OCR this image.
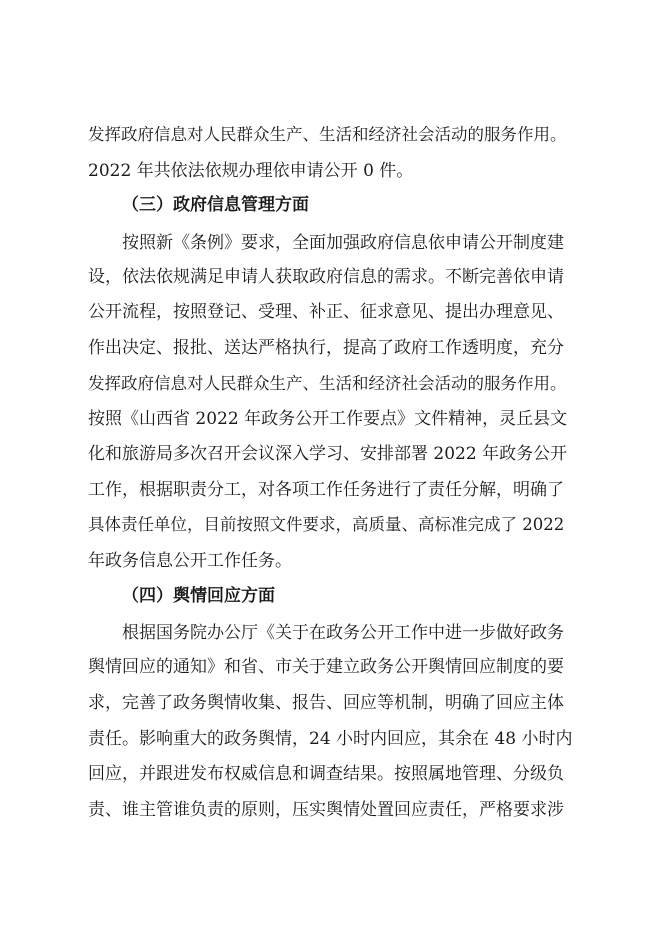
发挥政府信息对人民群众生产、生活和经济社会活动的服务作用。
2022 年共依法依规办理依申请公开 0 件。
（三）政府信息管理方面
按照新《条例》要求，全面加强政府信息依申请公开制度建
设，依法依规满足申请人获取政府信息的需求。不断完善依申请
公开流程，按照登记、受理、补正、征求意见、提出办理意见、
作出决定、报批、送达严格执行，提高了政府工作透明度，充分
发挥政府信息对人民群众生产、生活和经济社会活动的服务作用。
按照《山西省 2022 年政务公开工作要点》文件精神，灵丘县文
化和旅游局多次召开会议深入学习、安排部署 2022 年政务公开
工作，根据职责分工，对各项工作任务进行了责任分解，明确了
具体责任单位，目前按照文件要求，高质量、高标准完成了 2022
年政务信息公开工作任务。
（四）舆情回应方面
根据国务院办公厅《关于在政务公开工作中进一步做好政务
舆情回应的通知》和省、市关于建立政务公开舆情回应制度的要
求，完善了政务舆情收集、报告、回应等机制，明确了回应主体
责任。影响重大的政务舆情，24 小时内回应，其余在 48 小时内
回应，并跟进发布权威信息和调查结果。按照属地管理、分级负
责、谁主管谁负责的原则，压实舆情处置回应责任，严格要求涉
